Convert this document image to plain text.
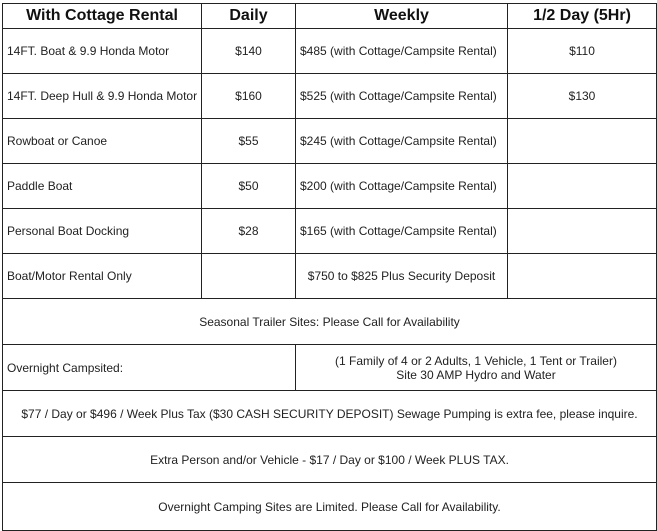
With Cottage Rental	Daily	Weekly	1/2 Day (5Hr)
14FT. Boat & 9.9 Honda Motor	$140	$485 (with Cottage/Campsite Rental)	$110
14FT. Deep Hull & 9.9 Honda Motor	$160	$525 (with Cottage/Campsite Rental)	$130
Rowboat or Canoe	$55	$245 (with Cottage/Campsite Rental)	
Paddle Boat	$50	$200 (with Cottage/Campsite Rental)	
Personal Boat Docking	$28	$165 (with Cottage/Campsite Rental)	
Boat/Motor Rental Only		$750 to $825 Plus Security Deposit	
Seasonal Trailer Sites: Please Call for Availability			
Overnight Campsited:		(1 Family of 4 or 2 Adults, 1 Vehicle, 1 Tent or Trailer)
Site 30 AMP Hydro and Water	

$77 / Day or $496 / Week Plus Tax ($30 CASH SECURITY DEPOSIT) Sewage Pumping is extra fee, please inquire.			
Extra Person and/or Vehicle - $17 / Day or $100 / Week PLUS TAX.			
Overnight Camping Sites are Limited. Please Call for Availability.			
